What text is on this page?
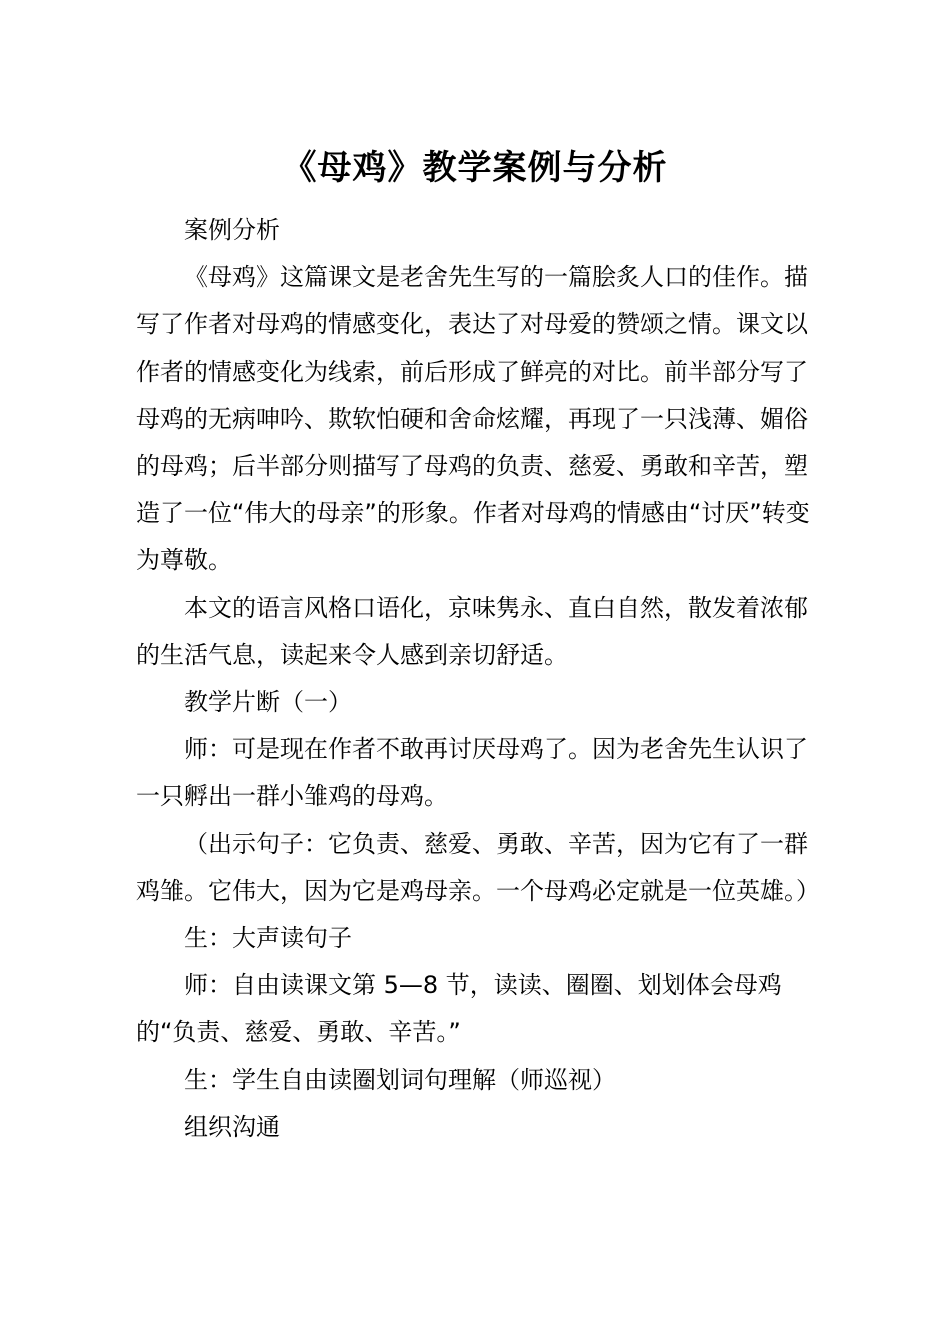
《母鸡》教学案例与分析

案例分析

《母鸡》这篇课文是老舍先生写的一篇脍炙人口的佳作。描写了作者对母鸡的情感变化，表达了对母爱的赞颂之情。课文以作者的情感变化为线索，前后形成了鲜亮的对比。前半部分写了母鸡的无病呻吟、欺软怕硬和舍命炫耀，再现了一只浅薄、媚俗的母鸡；后半部分则描写了母鸡的负责、慈爱、勇敢和辛苦，塑造了一位“伟大的母亲”的形象。作者对母鸡的情感由“讨厌”转变为尊敬。

本文的语言风格口语化，京味隽永、直白自然，散发着浓郁的生活气息，读起来令人感到亲切舒适。

教学片断（一）

师：可是现在作者不敢再讨厌母鸡了。因为老舍先生认识了一只孵出一群小雏鸡的母鸡。

（出示句子：它负责、慈爱、勇敢、辛苦，因为它有了一群鸡雏。它伟大，因为它是鸡母亲。一个母鸡必定就是一位英雄。）

生：大声读句子

师：自由读课文第 5—8 节，读读、圈圈、划划体会母鸡的“负责、慈爱、勇敢、辛苦。”

生：学生自由读圈划词句理解（师巡视）

组织沟通
